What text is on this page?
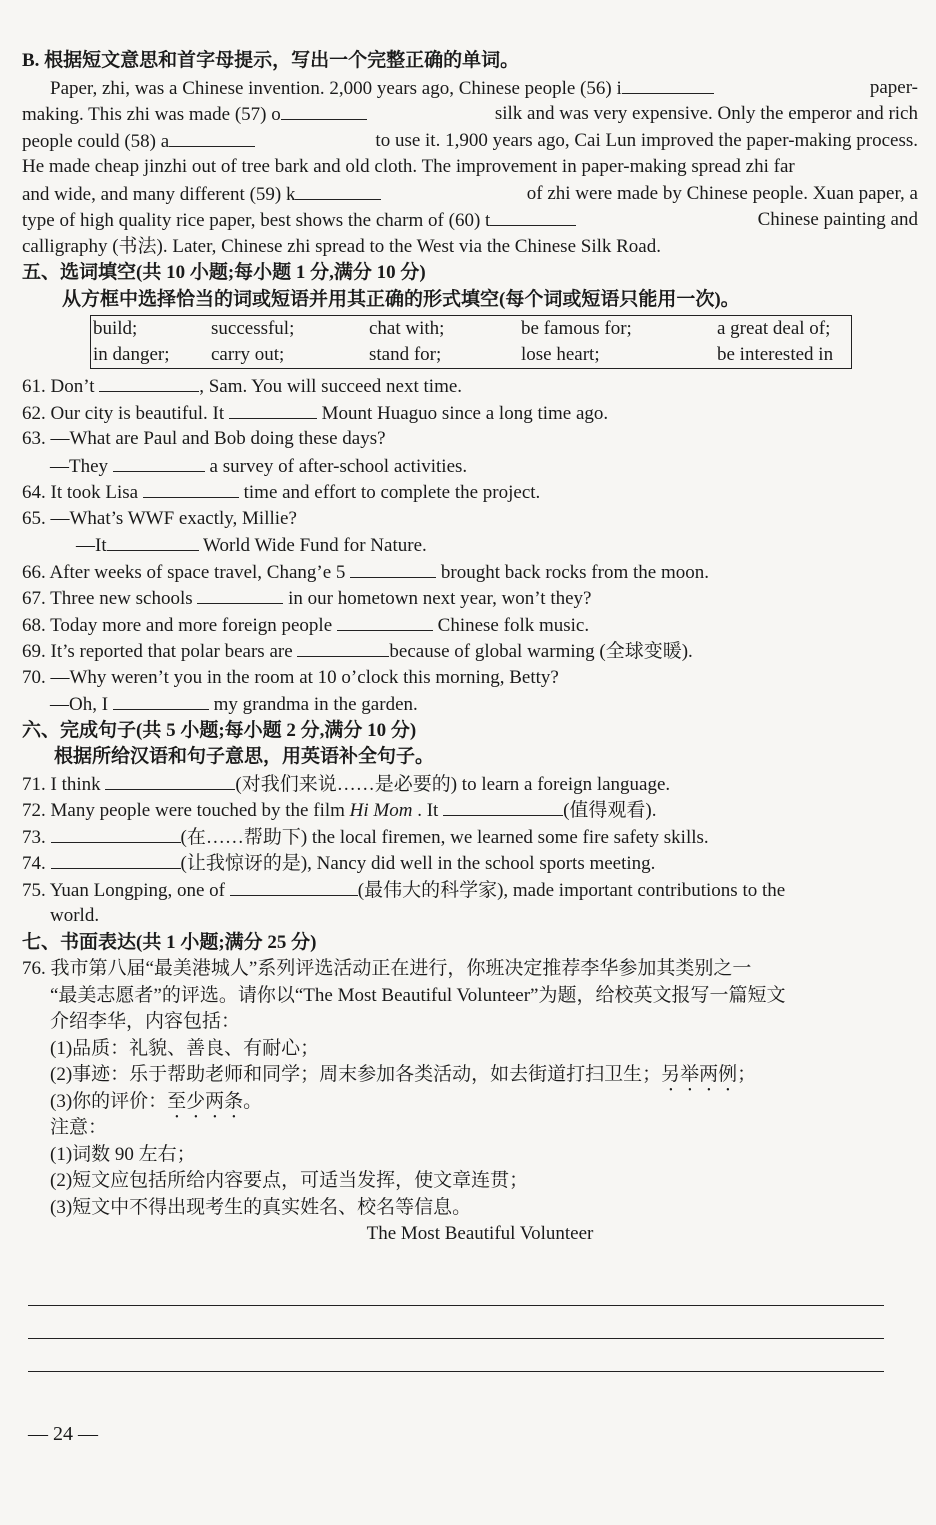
B. 根据短文意思和首字母提示，写出一个完整正确的单词。
Paper, zhi, was a Chinese invention. 2,000 years ago, Chinese people (56) i	paper-
making. This zhi was made (57) o	silk and was very expensive. Only the emperor and rich
people could (58) a	to use it. 1,900 years ago, Cai Lun improved the paper-making process.
He made cheap jinzhi out of tree bark and old cloth. The improvement in paper-making spread zhi far
and wide, and many different (59) k	of zhi were made by Chinese people. Xuan paper, a
type of high quality rice paper, best shows the charm of (60) t	Chinese painting and
calligraphy (书法). Later, Chinese zhi spread to the West via the Chinese Silk Road.
五、选词填空(共 10 小题;每小题 1 分,满分 10 分)
从方框中选择恰当的词或短语并用其正确的形式填空(每个词或短语只能用一次)。
build;	successful;	chat with;	be famous for;	a great deal of;
in danger;	carry out;	stand for;	lose heart;	be interested in
61. Don’t	, Sam. You will succeed next time.
62. Our city is beautiful. It	Mount Huaguo since a long time ago.
63. —What are Paul and Bob doing these days?
—They	a survey of after-school activities.
64. It took Lisa	time and effort to complete the project.
65. —What’s WWF exactly, Millie?
—It	World Wide Fund for Nature.
66. After weeks of space travel, Chang’e 5	brought back rocks from the moon.
67. Three new schools	in our hometown next year, won’t they?
68. Today more and more foreign people	Chinese folk music.
69. It’s reported that polar bears are	because of global warming (全球变暖).
70. —Why weren’t you in the room at 10 o’clock this morning, Betty?
—Oh, I	my grandma in the garden.
六、完成句子(共 5 小题;每小题 2 分,满分 10 分)
根据所给汉语和句子意思，用英语补全句子。
71. I think	(对我们来说……是必要的) to learn a foreign language.
72. Many people were touched by the film Hi Mom . It	(值得观看).
73.	(在……帮助下) the local firemen, we learned some fire safety skills.
74.	(让我惊讶的是), Nancy did well in the school sports meeting.
75. Yuan Longping, one of	(最伟大的科学家), made important contributions to the
world.
七、书面表达(共 1 小题;满分 25 分)
76. 我市第八届“最美港城人”系列评选活动正在进行，你班决定推荐李华参加其类别之一
“最美志愿者”的评选。请你以“The Most Beautiful Volunteer”为题，给校英文报写一篇短文
介绍李华，内容包括：
(1)品质：礼貌、善良、有耐心；
(2)事迹：乐于帮助老师和同学；周末参加各类活动，如去街道打扫卫生；另举两例；
(3)你的评价：至少两条。
注意：
(1)词数 90 左右；
(2)短文应包括所给内容要点，可适当发挥，使文章连贯；
(3)短文中不得出现考生的真实姓名、校名等信息。
The Most Beautiful Volunteer
— 24 —
